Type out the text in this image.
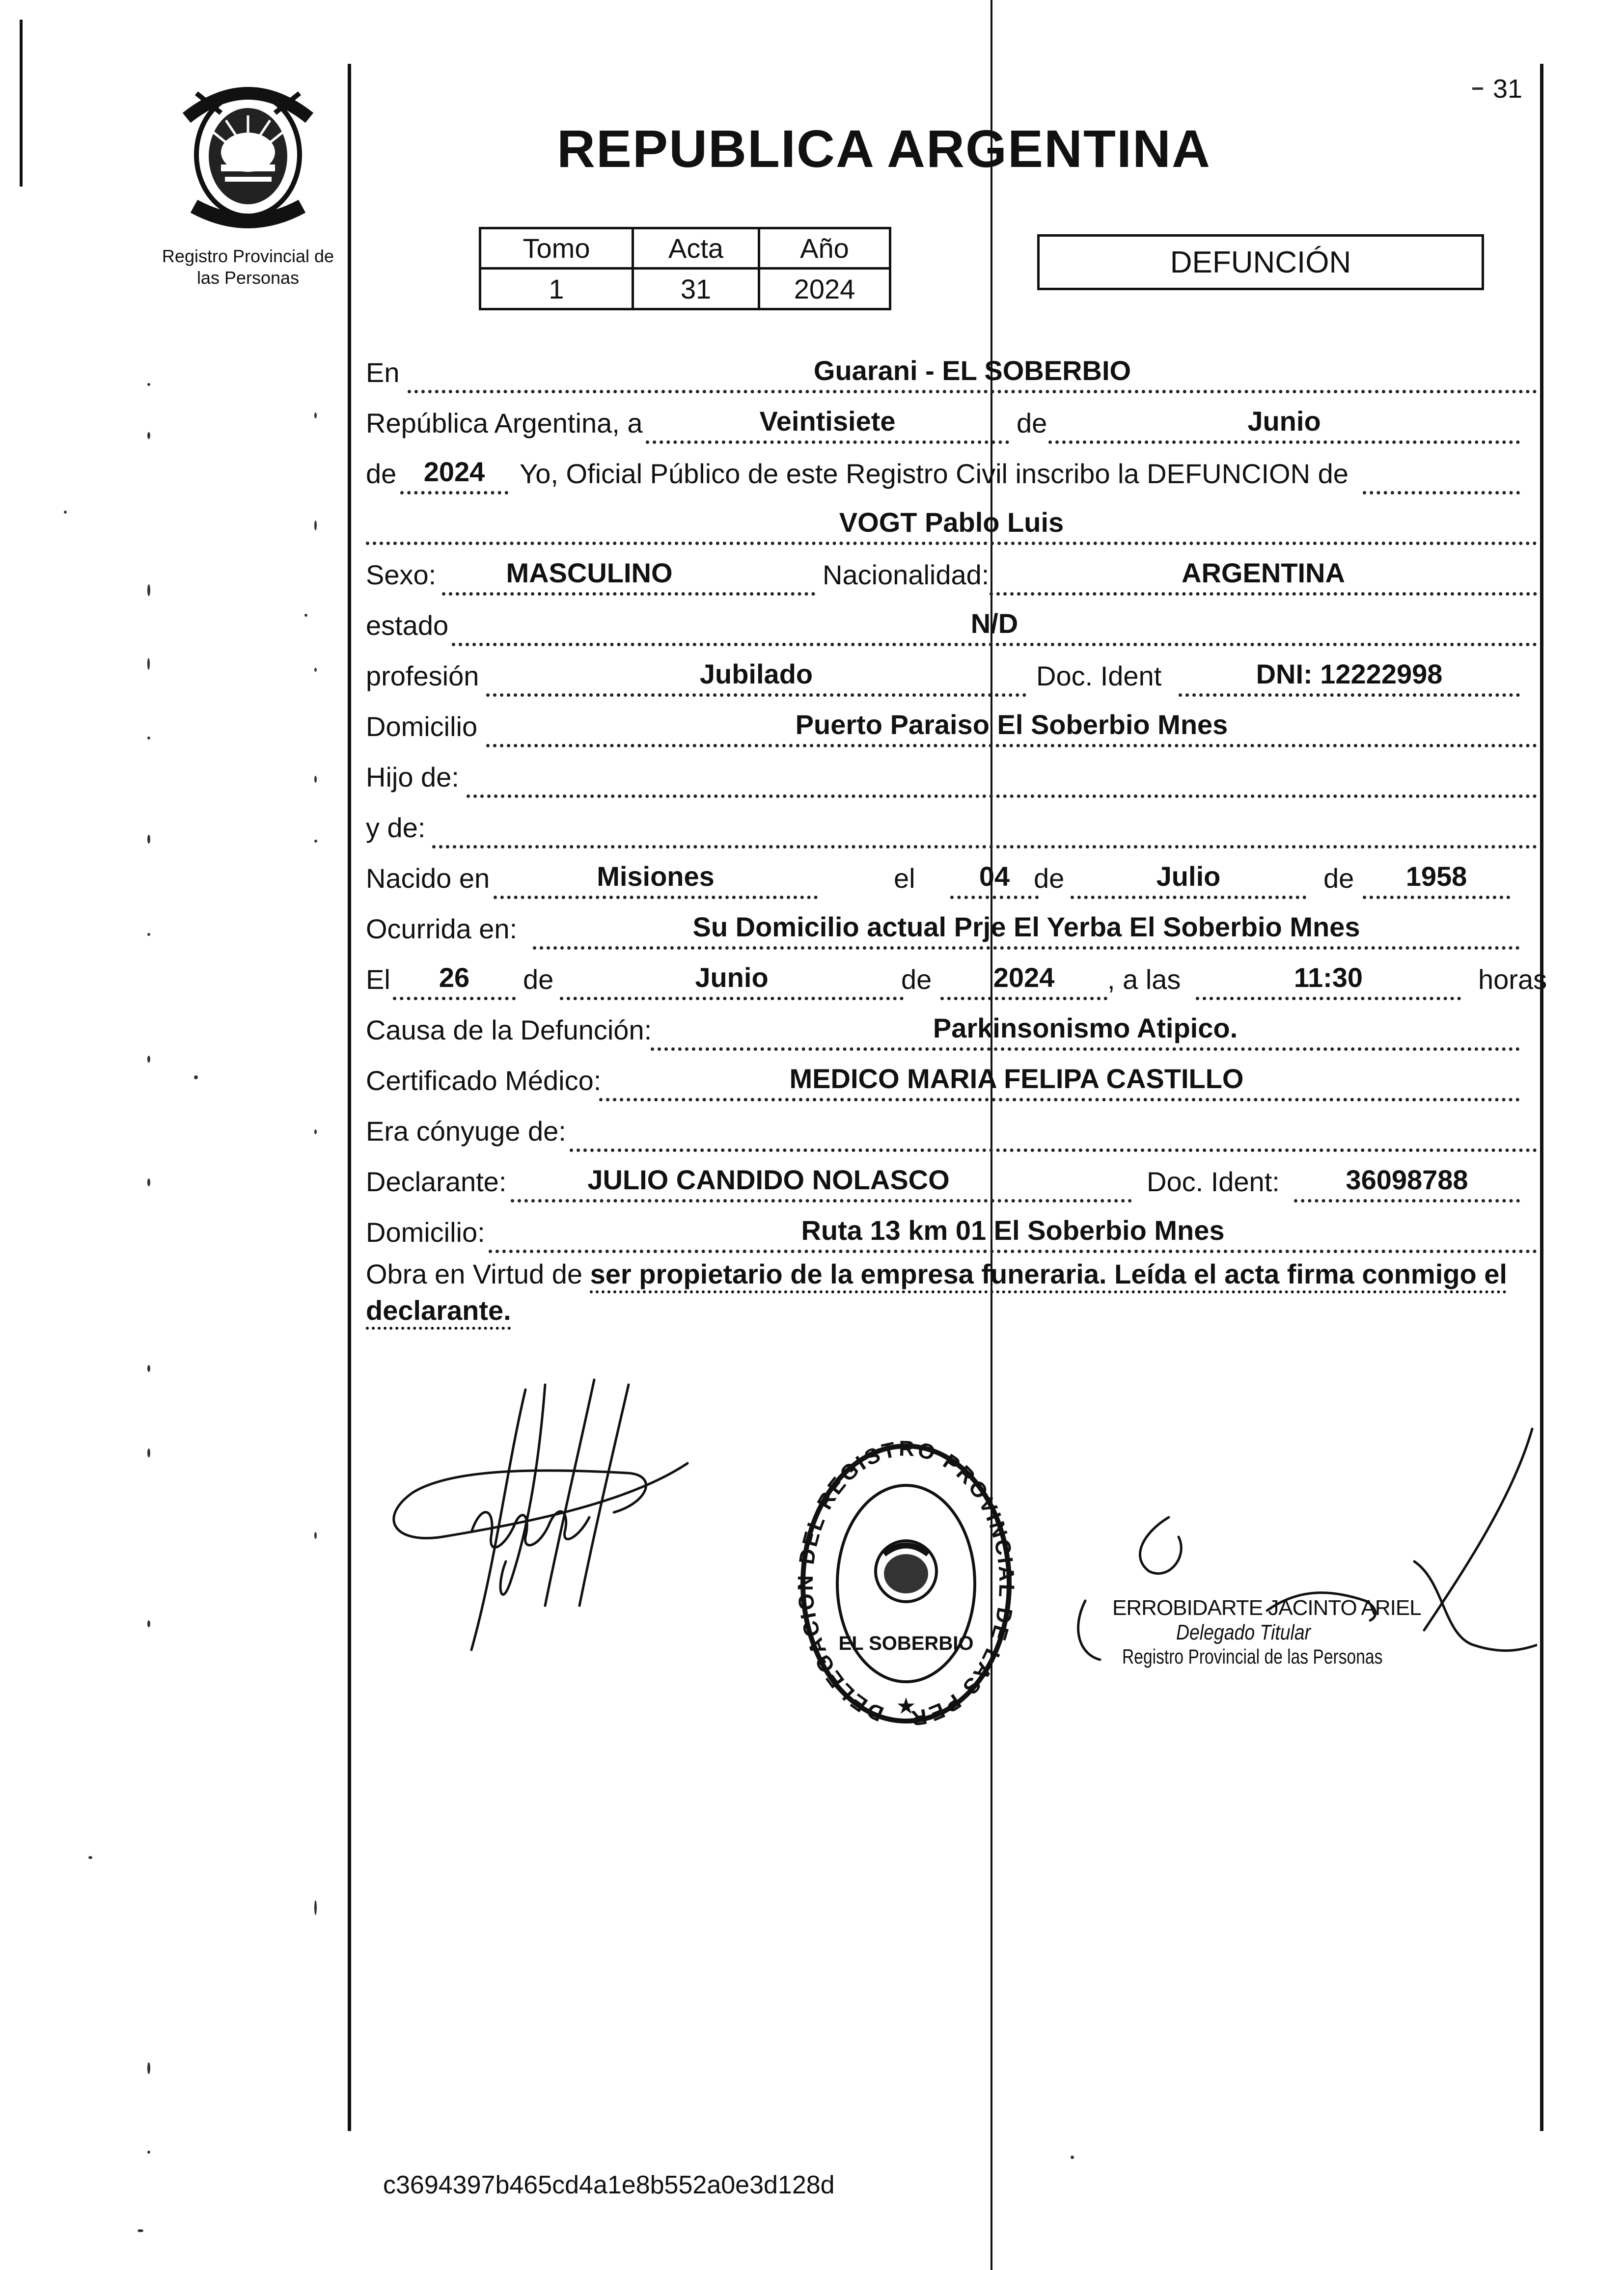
31
Registro Provincial de
las Personas
REPUBLICA ARGENTINA
Tomo	Acta	Año
1	31	2024
DEFUNCIÓN
En	Guarani - EL SOBERBIO
República Argentina, a	Veintisiete	de	Junio
de 2024	Yo, Oficial Público de este Registro Civil inscribo la DEFUNCION de
VOGT Pablo Luis
Sexo:	MASCULINO	Nacionalidad:	ARGENTINA
estado	N/D
profesión	Jubilado	Doc. Ident	DNI: 12222998
Domicilio	Puerto Paraiso El Soberbio Mnes
Hijo de:
y de:
Nacido en	Misiones	el	04 de	Julio	de	1958
Ocurrida en:	Su Domicilio actual Prje El Yerba El Soberbio Mnes
El	26	de	Junio	de	2024	, a las	11:30	horas
Causa de la Defunción:	Parkinsonismo Atipico.
Certificado Médico:	MEDICO MARIA FELIPA CASTILLO
Era cónyuge de:
Declarante:	JULIO CANDIDO NOLASCO	Doc. Ident:	36098788
Domicilio:	Ruta 13 km 01 El Soberbio Mnes
Obra en Virtud de ser propietario de la empresa funeraria. Leída el acta firma conmigo el
declarante.
DELEGACION DEL REGISTRO PROVINCIAL DE LAS PER
EL SOBERBIO
★
ERROBIDARTE JACINTO ARIEL
Delegado Titular
Registro Provincial de las Personas
c3694397b465cd4a1e8b552a0e3d128d
